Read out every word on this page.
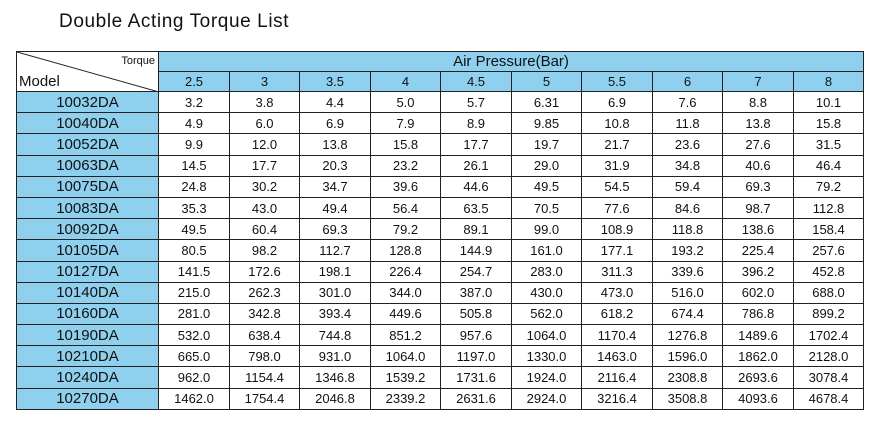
Double Acting Torque List
Torque
Model	Air Pressure(Bar)									
	2.5	3	3.5	4	4.5	5	5.5	6	7	8
10032DA	3.2	3.8	4.4	5.0	5.7	6.31	6.9	7.6	8.8	10.1
10040DA	4.9	6.0	6.9	7.9	8.9	9.85	10.8	11.8	13.8	15.8
10052DA	9.9	12.0	13.8	15.8	17.7	19.7	21.7	23.6	27.6	31.5
10063DA	14.5	17.7	20.3	23.2	26.1	29.0	31.9	34.8	40.6	46.4
10075DA	24.8	30.2	34.7	39.6	44.6	49.5	54.5	59.4	69.3	79.2
10083DA	35.3	43.0	49.4	56.4	63.5	70.5	77.6	84.6	98.7	112.8
10092DA	49.5	60.4	69.3	79.2	89.1	99.0	108.9	118.8	138.6	158.4
10105DA	80.5	98.2	112.7	128.8	144.9	161.0	177.1	193.2	225.4	257.6
10127DA	141.5	172.6	198.1	226.4	254.7	283.0	311.3	339.6	396.2	452.8
10140DA	215.0	262.3	301.0	344.0	387.0	430.0	473.0	516.0	602.0	688.0
10160DA	281.0	342.8	393.4	449.6	505.8	562.0	618.2	674.4	786.8	899.2
10190DA	532.0	638.4	744.8	851.2	957.6	1064.0	1170.4	1276.8	1489.6	1702.4
10210DA	665.0	798.0	931.0	1064.0	1197.0	1330.0	1463.0	1596.0	1862.0	2128.0
10240DA	962.0	1154.4	1346.8	1539.2	1731.6	1924.0	2116.4	2308.8	2693.6	3078.4
10270DA	1462.0	1754.4	2046.8	2339.2	2631.6	2924.0	3216.4	3508.8	4093.6	4678.4
